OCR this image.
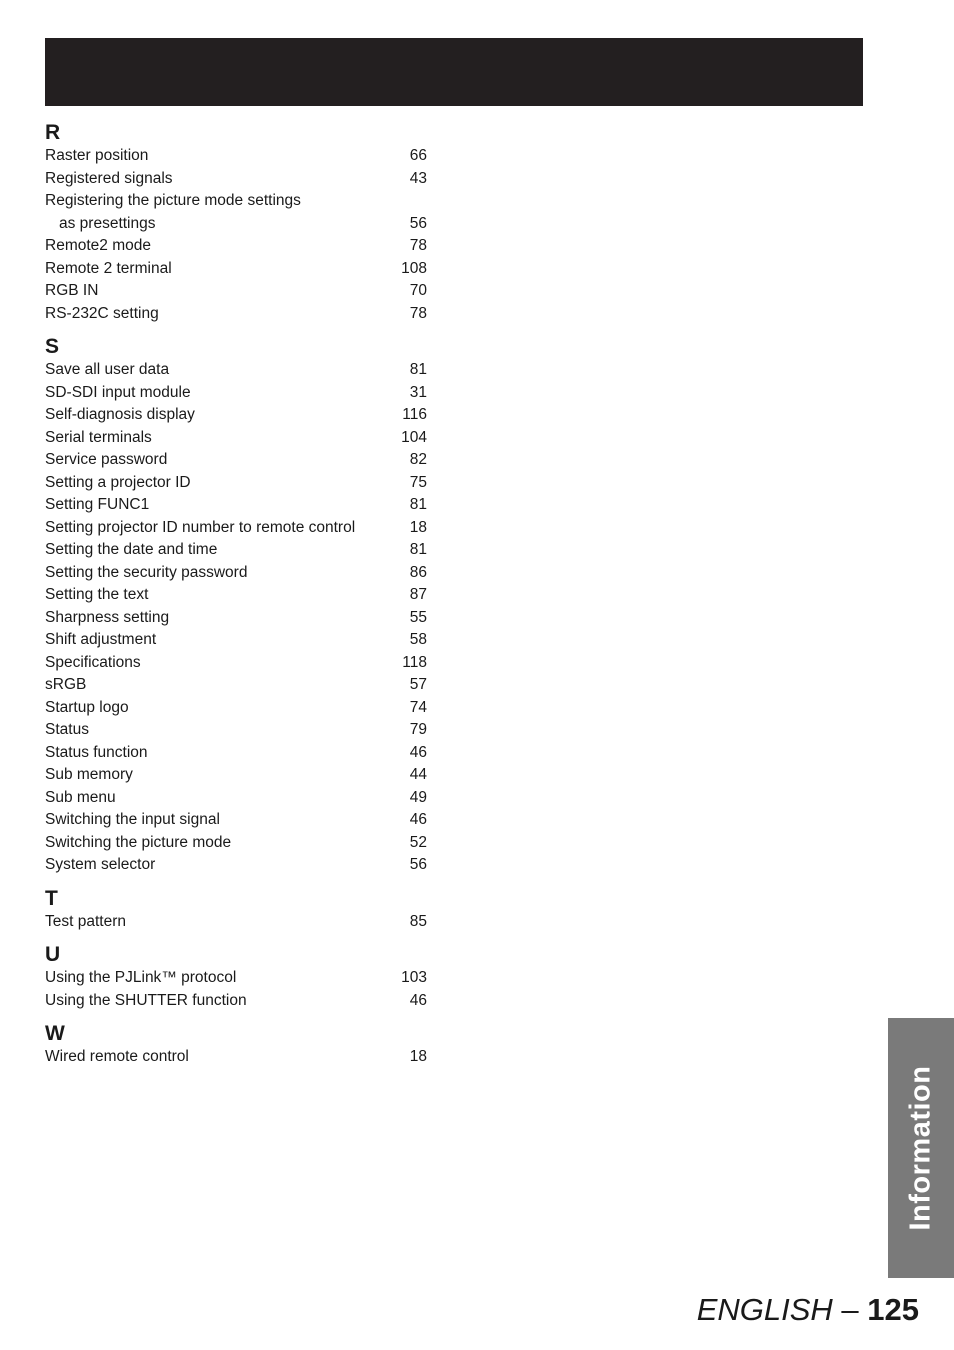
R
Raster position	66
Registered signals	43
Registering the picture mode settings
as presettings	56
Remote2 mode	78
Remote 2 terminal	108
RGB IN	70
RS-232C setting	78
S
Save all user data	81
SD-SDI input module	31
Self-diagnosis display	116
Serial terminals	104
Service password	82
Setting a projector ID	75
Setting FUNC1	81
Setting projector ID number to remote control	18
Setting the date and time	81
Setting the security password	86
Setting the text	87
Sharpness setting	55
Shift adjustment	58
Specifications	118
sRGB	57
Startup logo	74
Status	79
Status function	46
Sub memory	44
Sub menu	49
Switching the input signal	46
Switching the picture mode	52
System selector	56
T
Test pattern	85
U
Using the PJLink™ protocol	103
Using the SHUTTER function	46
W
Wired remote control	18
Information
ENGLISH – 125
